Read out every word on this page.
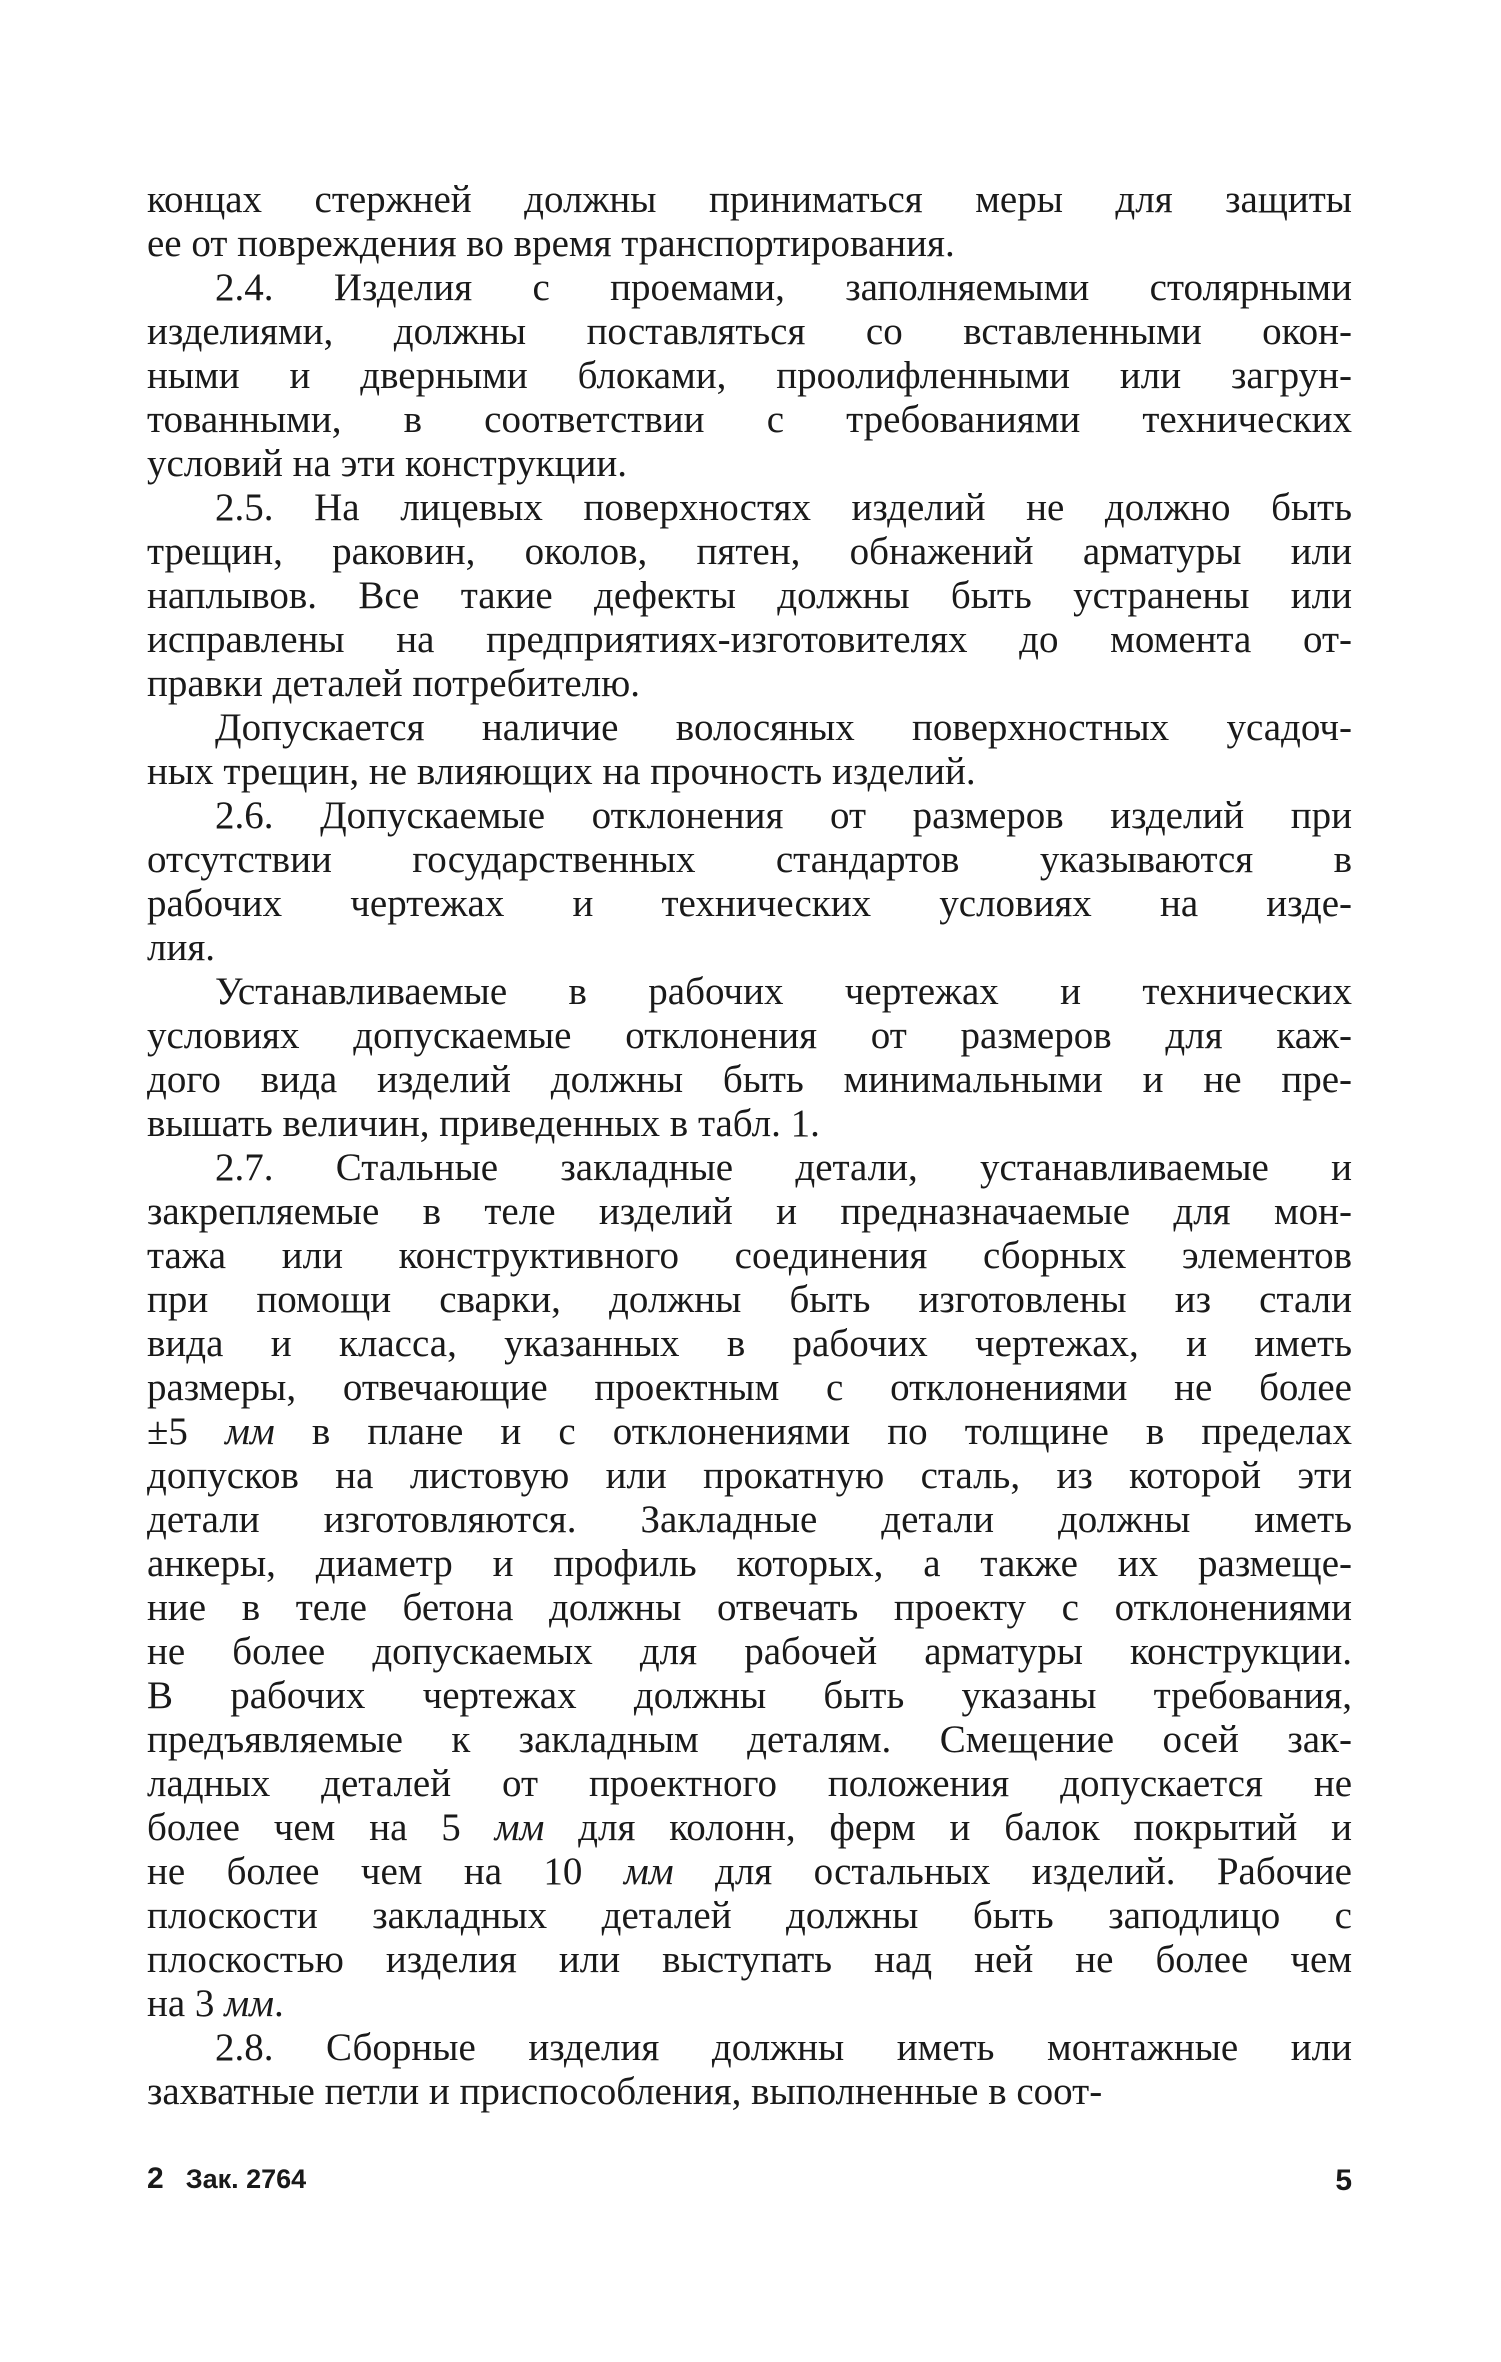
концах стержней должны приниматься меры для защиты
ее от повреждения во время транспортирования.
2.4. Изделия с проемами, заполняемыми столярными
изделиями, должны поставляться со вставленными окон-
ными и дверными блоками, проолифленными или загрун-
тованными, в соответствии с требованиями технических
условий на эти конструкции.
2.5. На лицевых поверхностях изделий не должно быть
трещин, раковин, околов, пятен, обнажений арматуры или
наплывов. Все такие дефекты должны быть устранены или
исправлены на предприятиях-изготовителях до момента от-
правки деталей потребителю.
Допускается наличие волосяных поверхностных усадоч-
ных трещин, не влияющих на прочность изделий.
2.6. Допускаемые отклонения от размеров изделий при
отсутствии государственных стандартов указываются в
рабочих чертежах и технических условиях на изде-
лия.
Устанавливаемые в рабочих чертежах и технических
условиях допускаемые отклонения от размеров для каж-
дого вида изделий должны быть минимальными и не пре-
вышать величин, приведенных в табл. 1.
2.7. Стальные закладные детали, устанавливаемые и
закрепляемые в теле изделий и предназначаемые для мон-
тажа или конструктивного соединения сборных элементов
при помощи сварки, должны быть изготовлены из стали
вида и класса, указанных в рабочих чертежах, и иметь
размеры, отвечающие проектным с отклонениями не более
±5 мм в плане и с отклонениями по толщине в пределах
допусков на листовую или прокатную сталь, из которой эти
детали изготовляются. Закладные детали должны иметь
анкеры, диаметр и профиль которых, а также их размеще-
ние в теле бетона должны отвечать проекту с отклонениями
не более допускаемых для рабочей арматуры конструкции.
В рабочих чертежах должны быть указаны требования,
предъявляемые к закладным деталям. Смещение осей зак-
ладных деталей от проектного положения допускается не
более чем на 5 мм для колонн, ферм и балок покрытий и
не более чем на 10 мм для остальных изделий. Рабочие
плоскости закладных деталей должны быть заподлицо с
плоскостью изделия или выступать над ней не более чем
на 3 мм.
2.8. Сборные изделия должны иметь монтажные или
захватные петли и приспособления, выполненные в соот-
2 Зак. 2764	5
